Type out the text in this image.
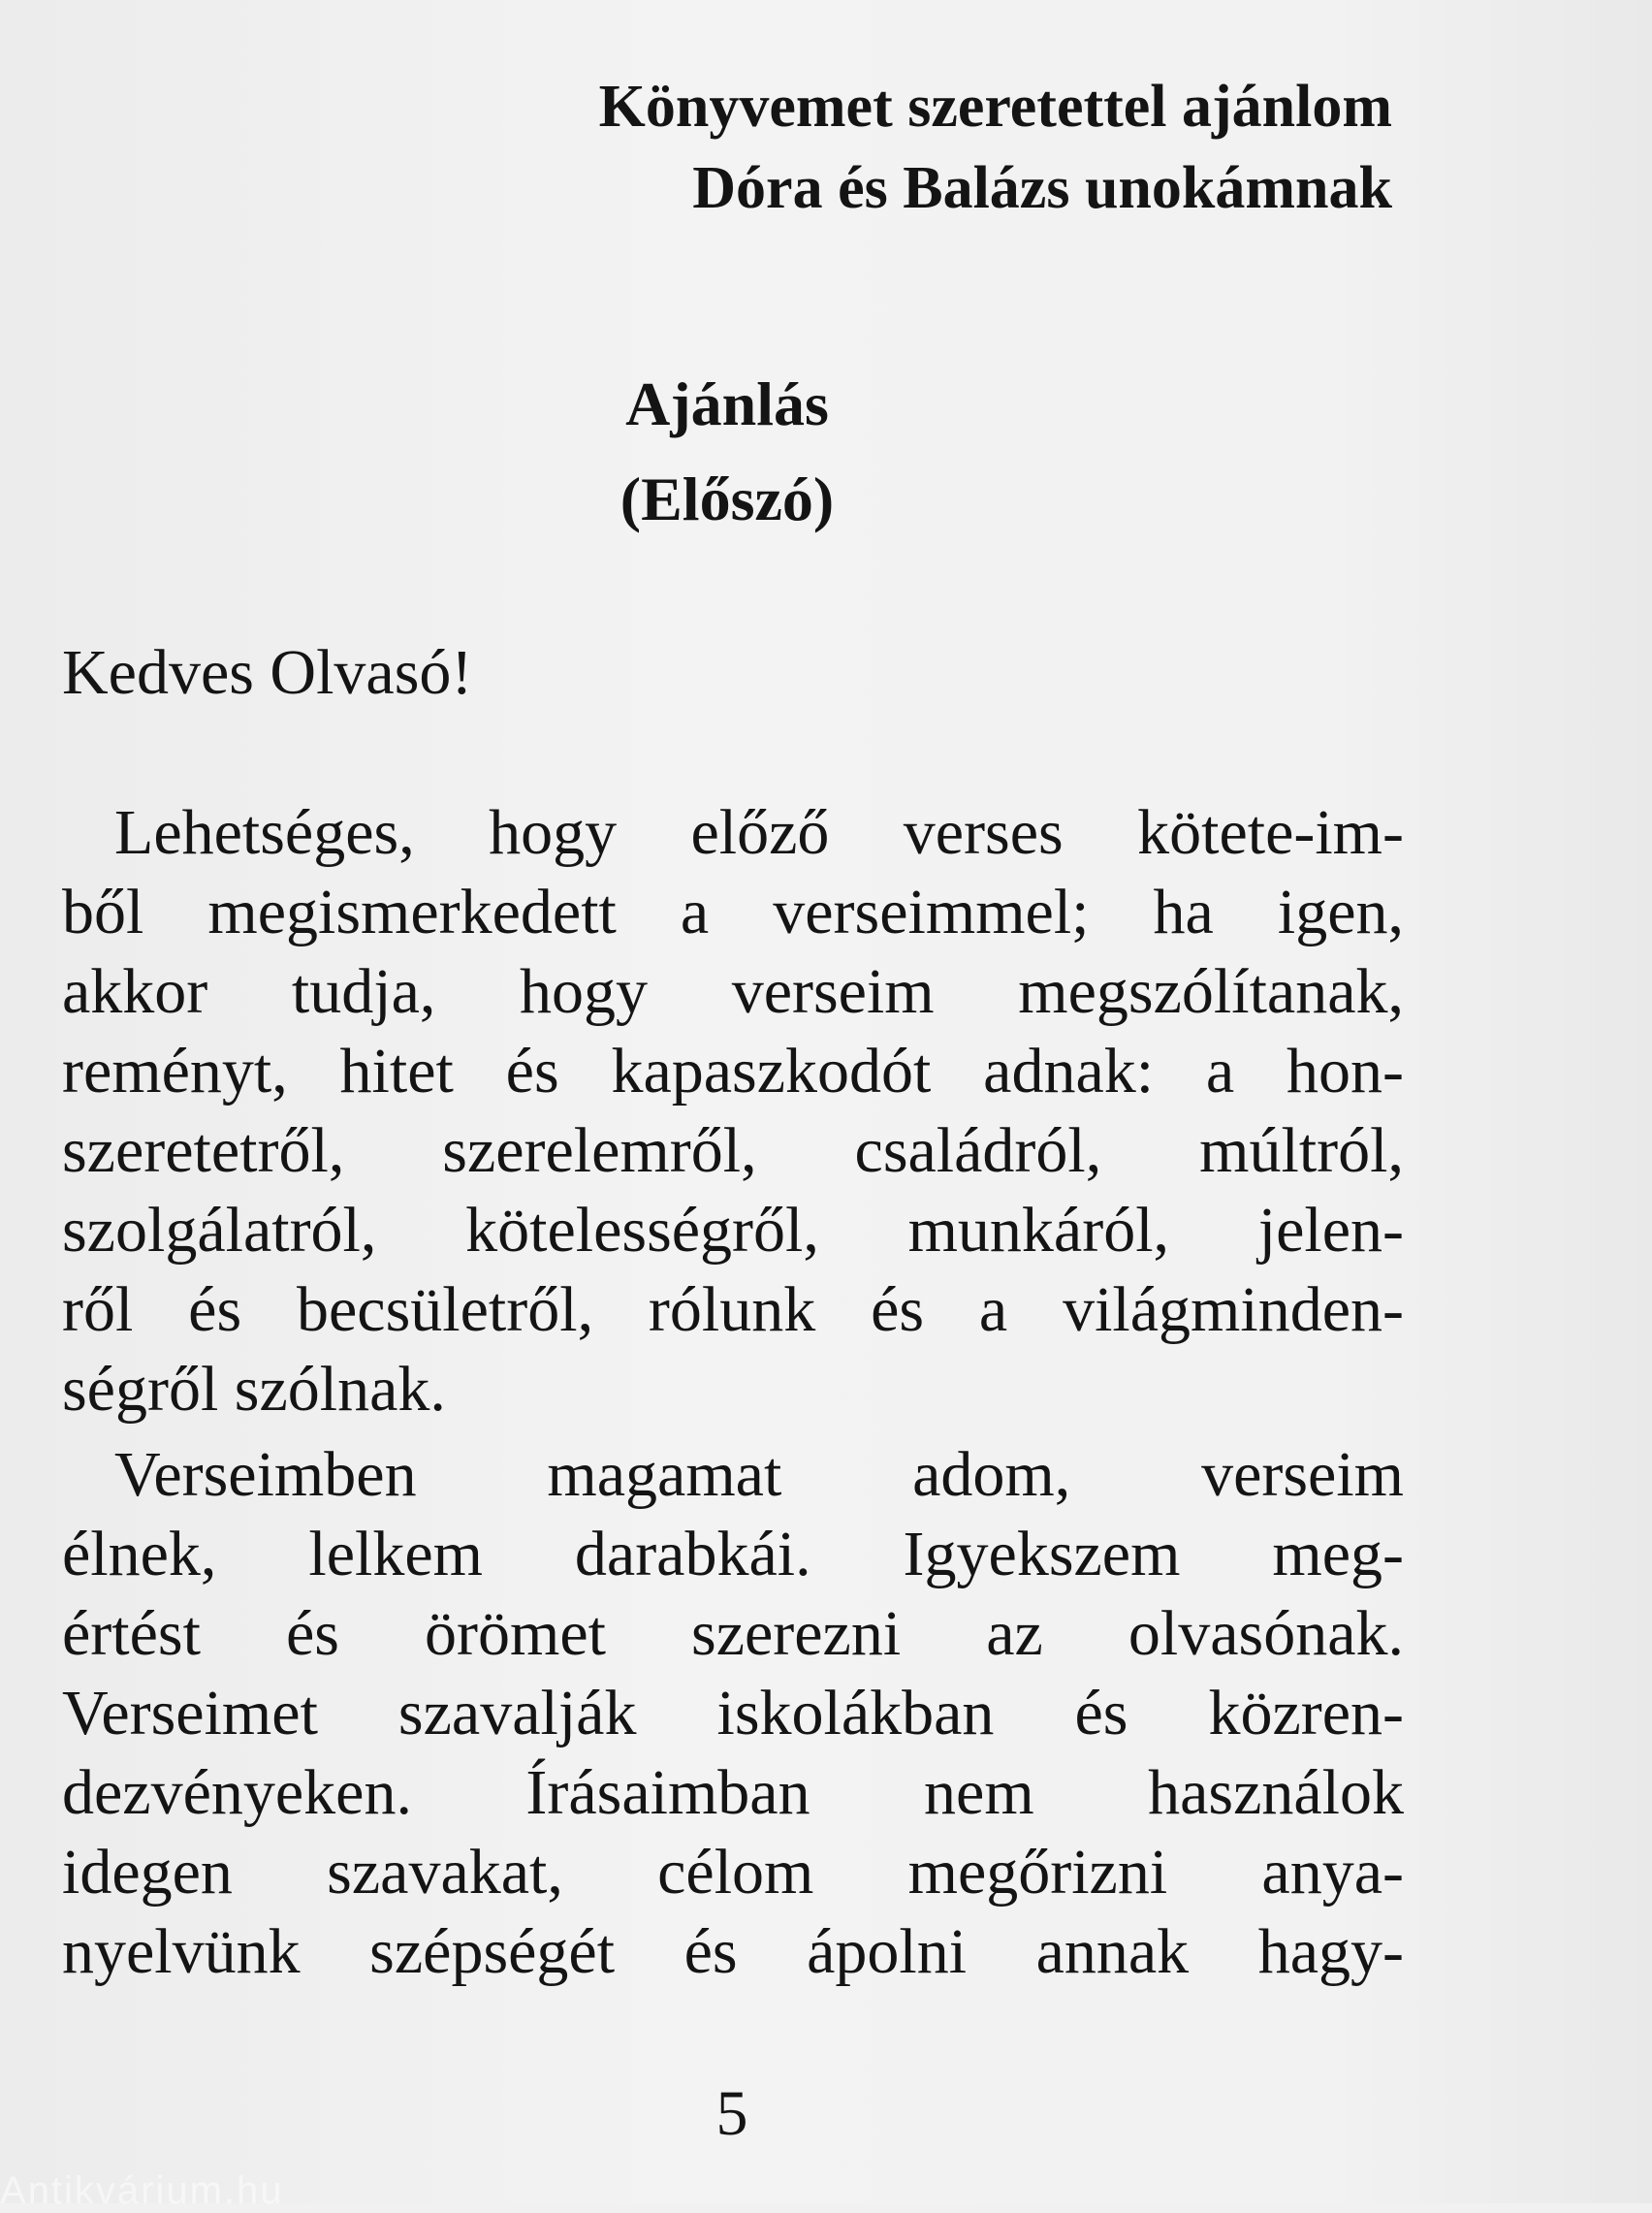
Könyvemet szeretettel ajánlom
Dóra és Balázs unokámnak
Ajánlás
(Előszó)
Kedves Olvasó!
Lehetséges, hogy előző verses kötete-im-
ből megismerkedett a verseimmel; ha igen,
akkor tudja, hogy verseim megszólítanak,
reményt, hitet és kapaszkodót adnak: a hon-
szeretetről, szerelemről, családról, múltról,
szolgálatról, kötelességről, munkáról, jelen-
ről és becsületről, rólunk és a világminden-
ségről szólnak.
Verseimben magamat adom, verseim
élnek, lelkem darabkái. Igyekszem meg-
értést és örömet szerezni az olvasónak.
Verseimet szavalják iskolákban és közren-
dezvényeken. Írásaimban nem használok
idegen szavakat, célom megőrizni anya-
nyelvünk szépségét és ápolni annak hagy-
5
Antikvárium.hu
